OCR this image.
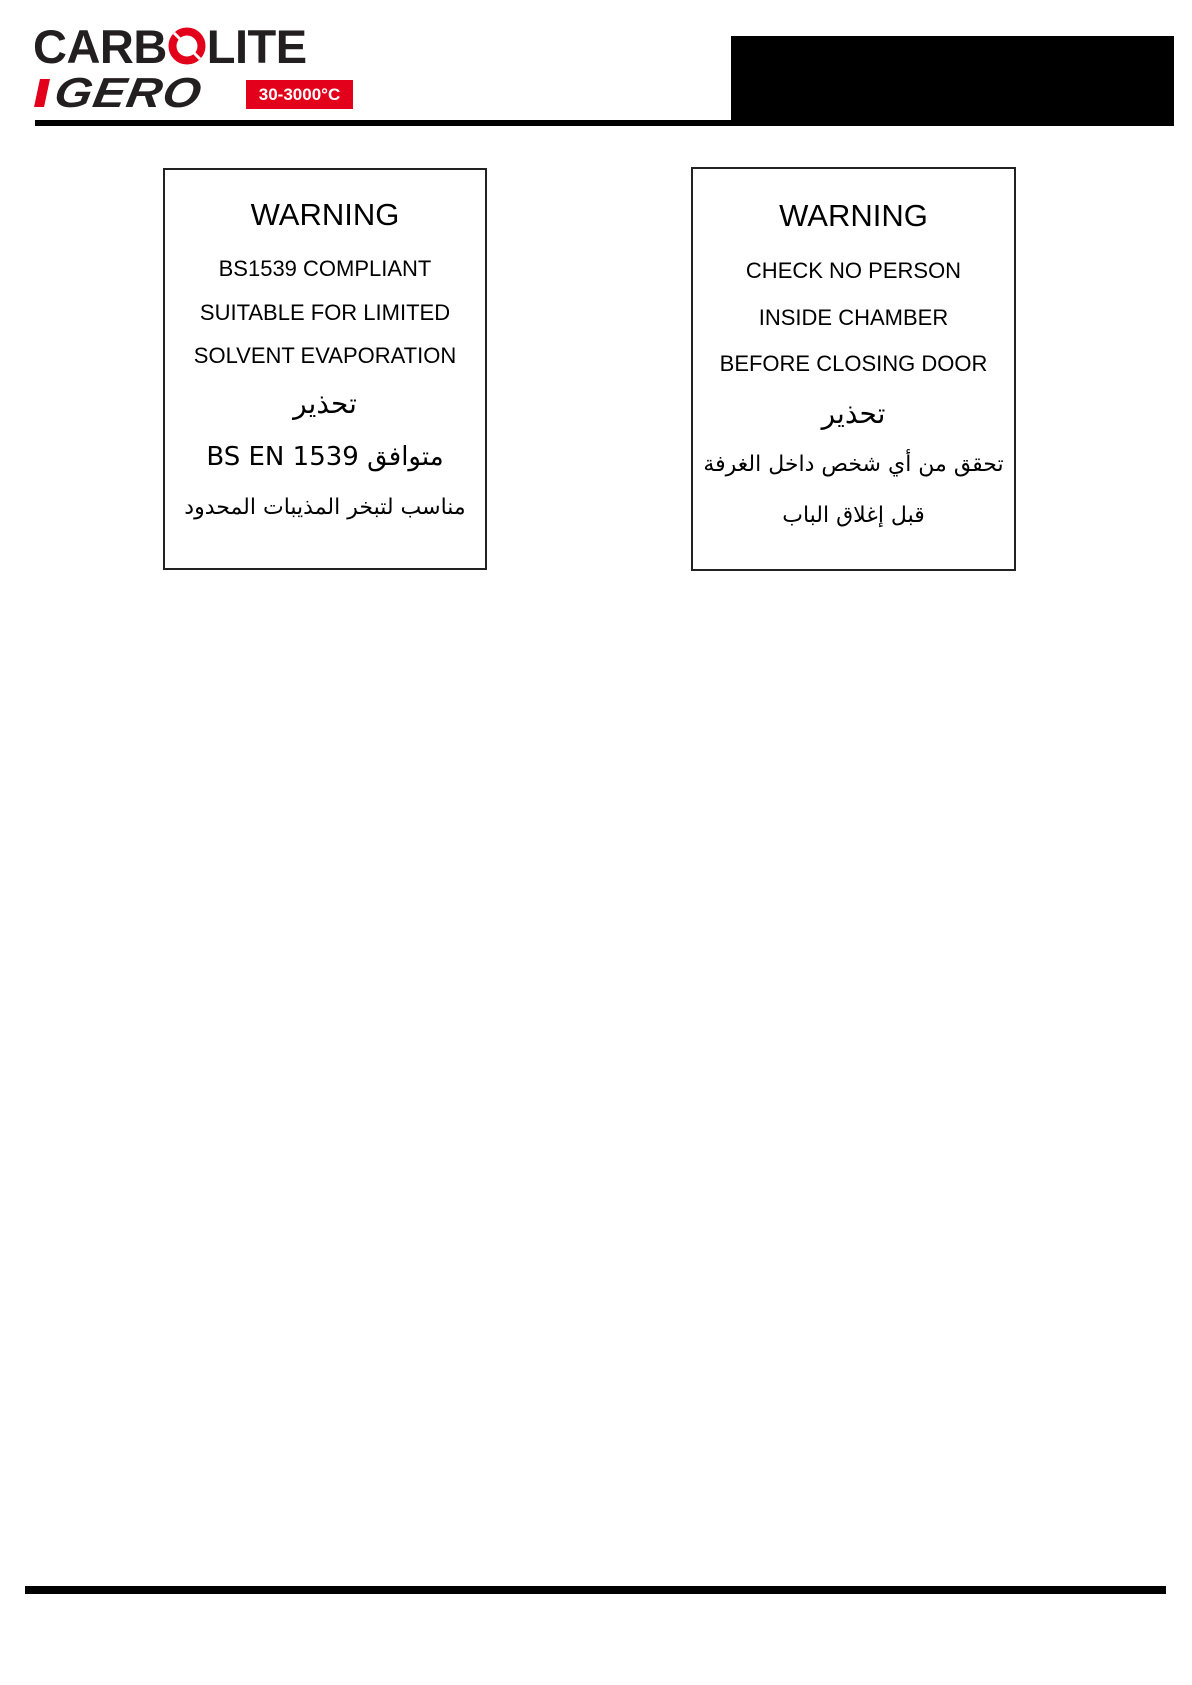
CARB LITE
GERO	30-3000°C
WARNING
BS1539 COMPLIANT
SUITABLE FOR LIMITED
SOLVENT EVAPORATION
تحذير
BS EN 1539 متوافق
مناسب لتبخر المذيبات المحدود
WARNING
CHECK NO PERSON
INSIDE CHAMBER
BEFORE CLOSING DOOR
تحذير
تحقق من أي شخص داخل الغرفة
قبل إغلاق الباب
